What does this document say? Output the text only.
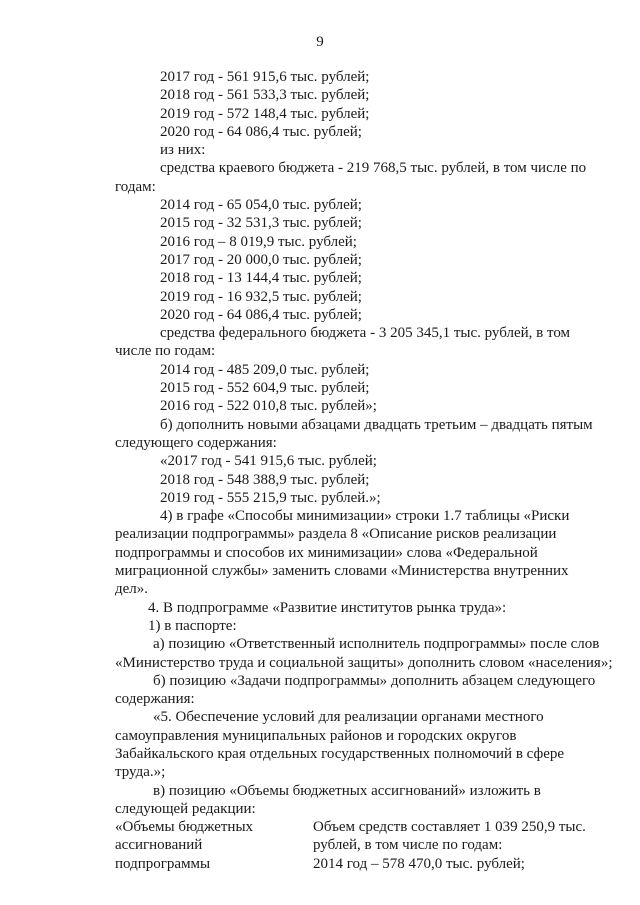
9
2017 год - 561 915,6 тыс. рублей;
2018 год - 561 533,3 тыс. рублей;
2019 год - 572 148,4 тыс. рублей;
2020 год - 64 086,4 тыс. рублей;
из них:
средства краевого бюджета - 219 768,5 тыс. рублей, в том числе по
годам:
2014 год - 65 054,0 тыс. рублей;
2015 год - 32 531,3 тыс. рублей;
2016 год – 8 019,9 тыс. рублей;
2017 год - 20 000,0 тыс. рублей;
2018 год - 13 144,4 тыс. рублей;
2019 год - 16 932,5 тыс. рублей;
2020 год - 64 086,4 тыс. рублей;
средства федерального бюджета - 3 205 345,1 тыс. рублей, в том
числе по годам:
2014 год - 485 209,0 тыс. рублей;
2015 год - 552 604,9 тыс. рублей;
2016 год - 522 010,8 тыс. рублей»;
б) дополнить новыми абзацами двадцать третьим – двадцать пятым
следующего содержания:
«2017 год - 541 915,6 тыс. рублей;
2018 год - 548 388,9 тыс. рублей;
2019 год - 555 215,9 тыс. рублей.»;
4) в графе «Способы минимизации» строки 1.7 таблицы «Риски
реализации подпрограммы» раздела 8 «Описание рисков реализации
подпрограммы и способов их минимизации» слова «Федеральной
миграционной службы» заменить словами «Министерства внутренних
дел».
4. В подпрограмме «Развитие институтов рынка труда»:
1) в паспорте:
а) позицию «Ответственный исполнитель подпрограммы» после слов
«Министерство труда и социальной защиты» дополнить словом «населения»;
б) позицию «Задачи подпрограммы» дополнить абзацем следующего
содержания:
«5. Обеспечение условий для реализации органами местного
самоуправления муниципальных районов и городских округов
Забайкальского края отдельных государственных полномочий в сфере
труда.»;
в) позицию «Объемы бюджетных ассигнований» изложить в
следующей редакции:
«Объемы бюджетных	Объем средств составляет 1 039 250,9 тыс.
ассигнований	рублей, в том числе по годам:
подпрограммы	2014 год – 578 470,0 тыс. рублей;
